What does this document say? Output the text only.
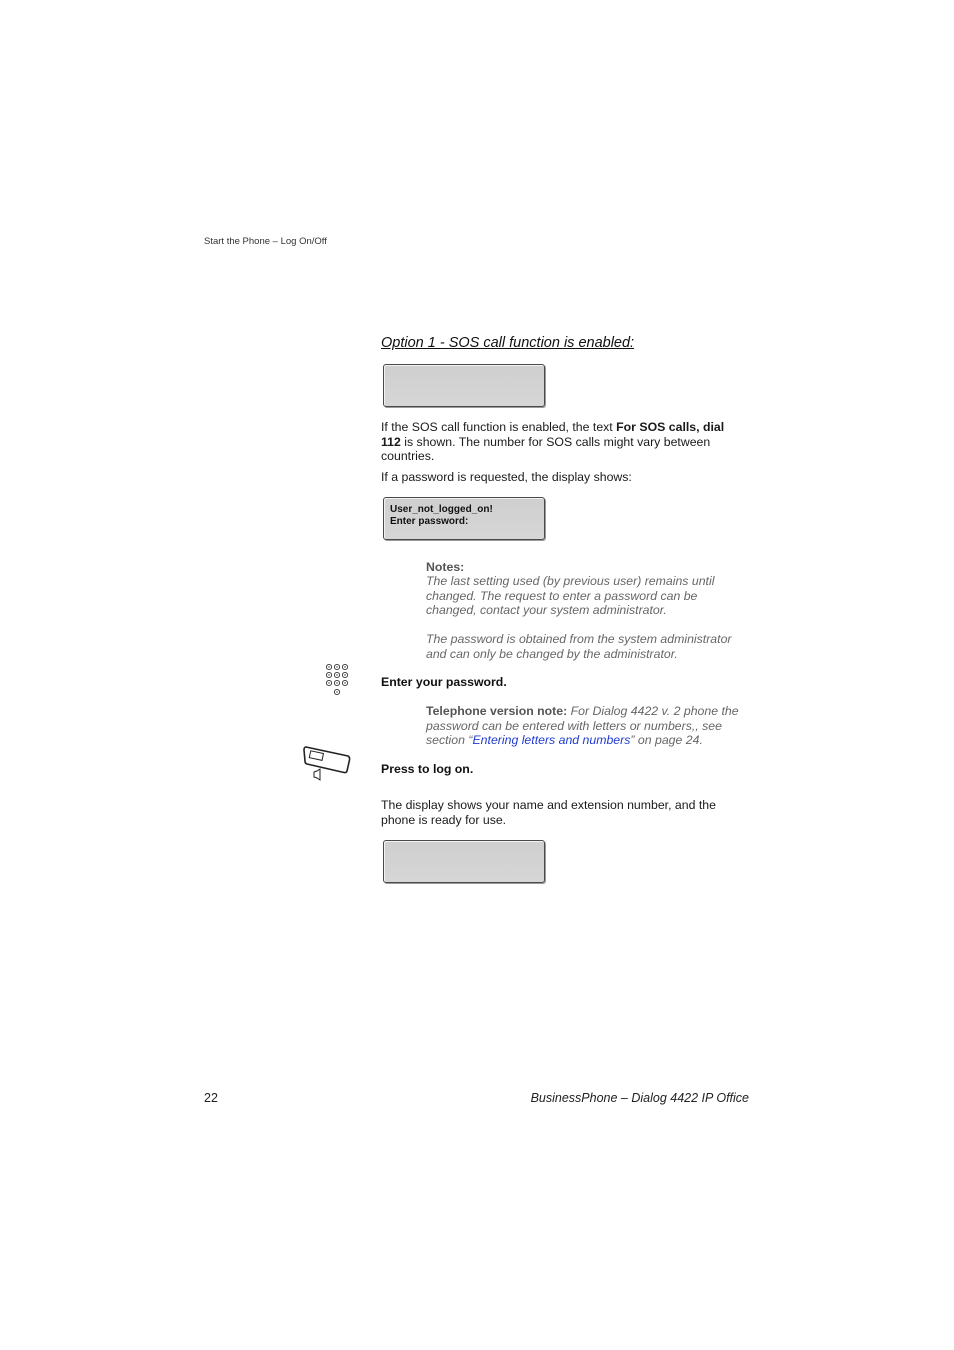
Start the Phone – Log On/Off
Option 1 - SOS call function is enabled:
If the SOS call function is enabled, the text For SOS calls, dial 112 is shown. The number for SOS calls might vary between countries.
If a password is requested, the display shows:
User_not_logged_on!
Enter password:
Notes:
The last setting used (by previous user) remains until changed. The request to enter a password can be changed, contact your system administrator.
The password is obtained from the system administrator and can only be changed by the administrator.
Enter your password.
Telephone version note: For Dialog 4422 v. 2 phone the password can be entered with letters or numbers,, see section “Entering letters and numbers” on page 24.
Press to log on.
The display shows your name and extension number, and the phone is ready for use.
22	BusinessPhone – Dialog 4422 IP Office
